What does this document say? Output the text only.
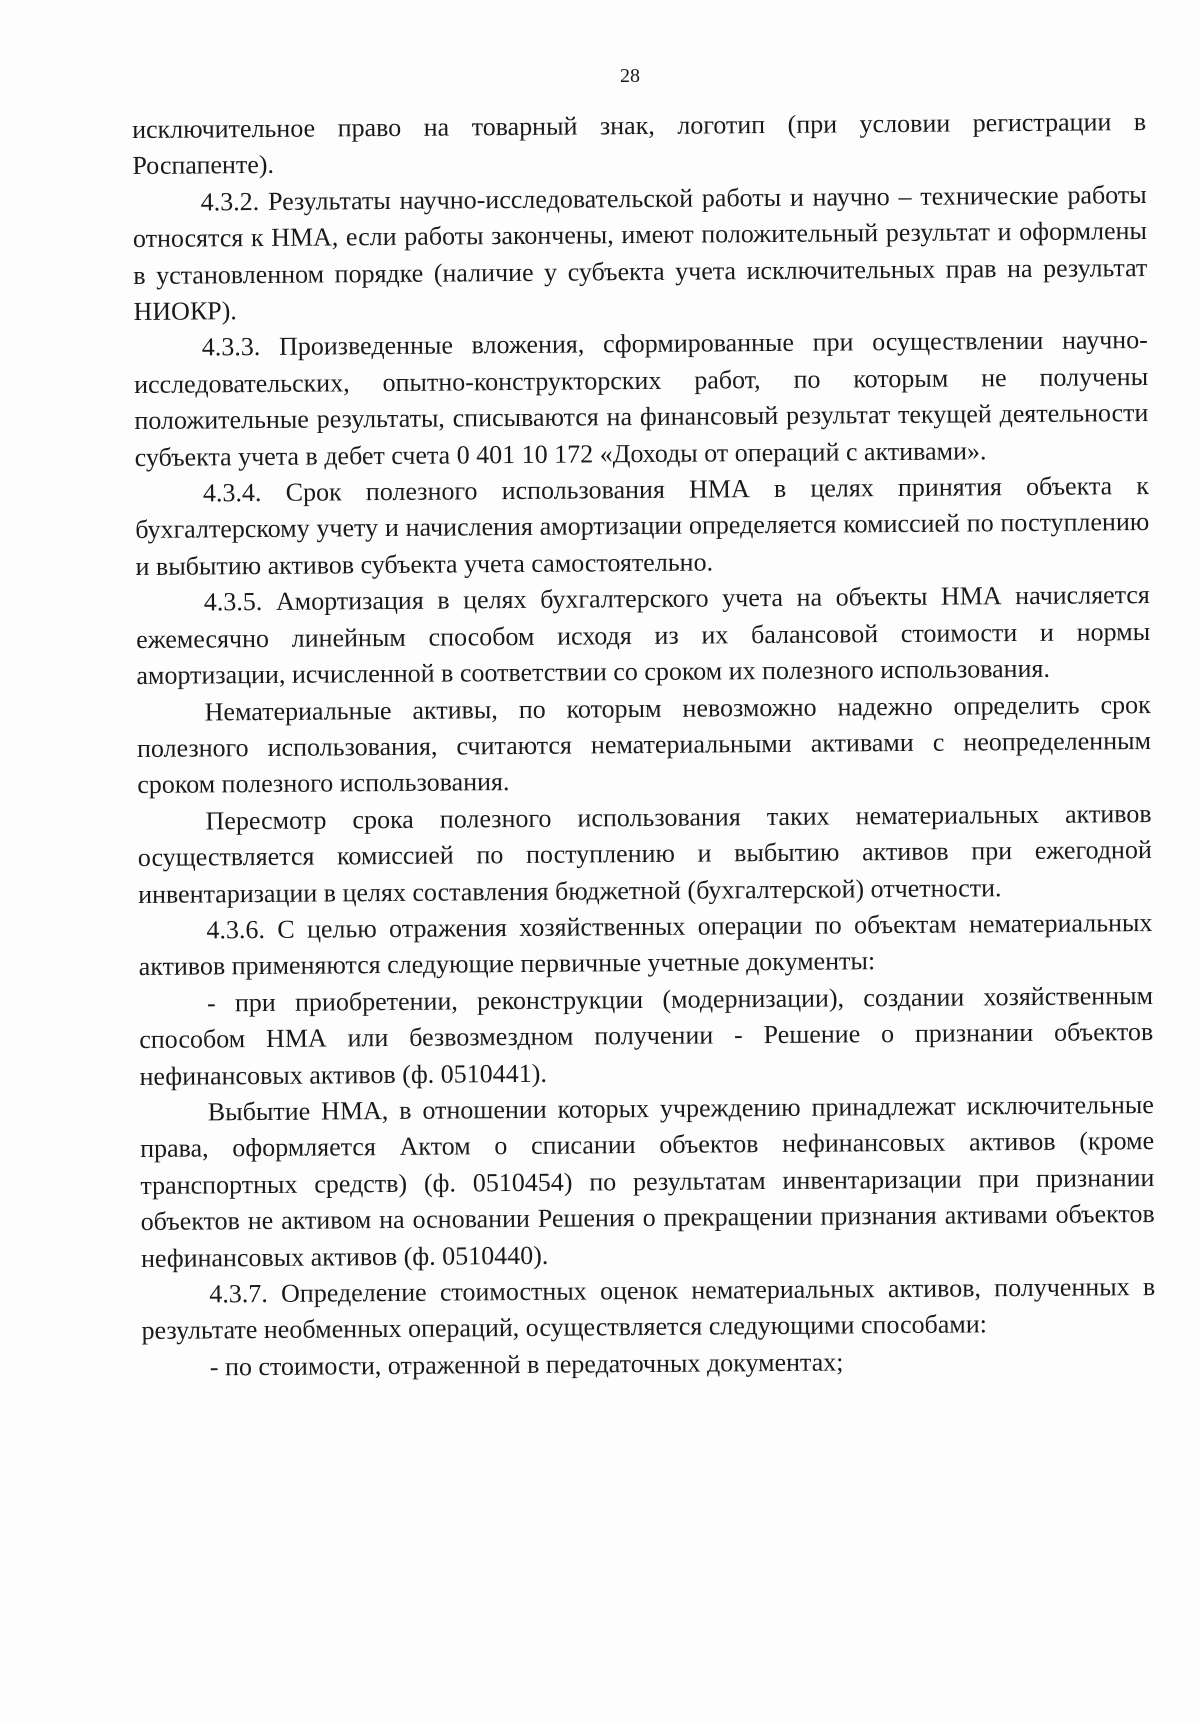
28

исключительное право на товарный знак, логотип (при условии регистрации в Роспапенте).

4.3.2. Результаты научно-исследовательской работы и научно – технические работы относятся к НМА, если работы закончены, имеют положительный результат и оформлены в установленном порядке (наличие у субъекта учета исключительных прав на результат НИОКР).

4.3.3. Произведенные вложения, сформированные при осуществлении научно-исследовательских, опытно-конструкторских работ, по которым не получены положительные результаты, списываются на финансовый результат текущей деятельности субъекта учета в дебет счета 0 401 10 172 «Доходы от операций с активами».

4.3.4. Срок полезного использования НМА в целях принятия объекта к бухгалтерскому учету и начисления амортизации определяется комиссией по поступлению и выбытию активов субъекта учета самостоятельно.

4.3.5. Амортизация в целях бухгалтерского учета на объекты НМА начисляется ежемесячно линейным способом исходя из их балансовой стоимости и нормы амортизации, исчисленной в соответствии со сроком их полезного использования.

Нематериальные активы, по которым невозможно надежно определить срок полезного использования, считаются нематериальными активами с неопределенным сроком полезного использования.

Пересмотр срока полезного использования таких нематериальных активов осуществляется комиссией по поступлению и выбытию активов при ежегодной инвентаризации в целях составления бюджетной (бухгалтерской) отчетности.

4.3.6. С целью отражения хозяйственных операции по объектам нематериальных активов применяются следующие первичные учетные документы:

- при приобретении, реконструкции (модернизации), создании хозяйственным способом НМА или безвозмездном получении - Решение о признании объектов нефинансовых активов (ф. 0510441).

Выбытие НМА, в отношении которых учреждению принадлежат исключительные права, оформляется Актом о списании объектов нефинансовых активов (кроме транспортных средств) (ф. 0510454) по результатам инвентаризации при признании объектов не активом на основании Решения о прекращении признания активами объектов нефинансовых активов (ф. 0510440).

4.3.7. Определение стоимостных оценок нематериальных активов, полученных в результате необменных операций, осуществляется следующими способами:

- по стоимости, отраженной в передаточных документах;
